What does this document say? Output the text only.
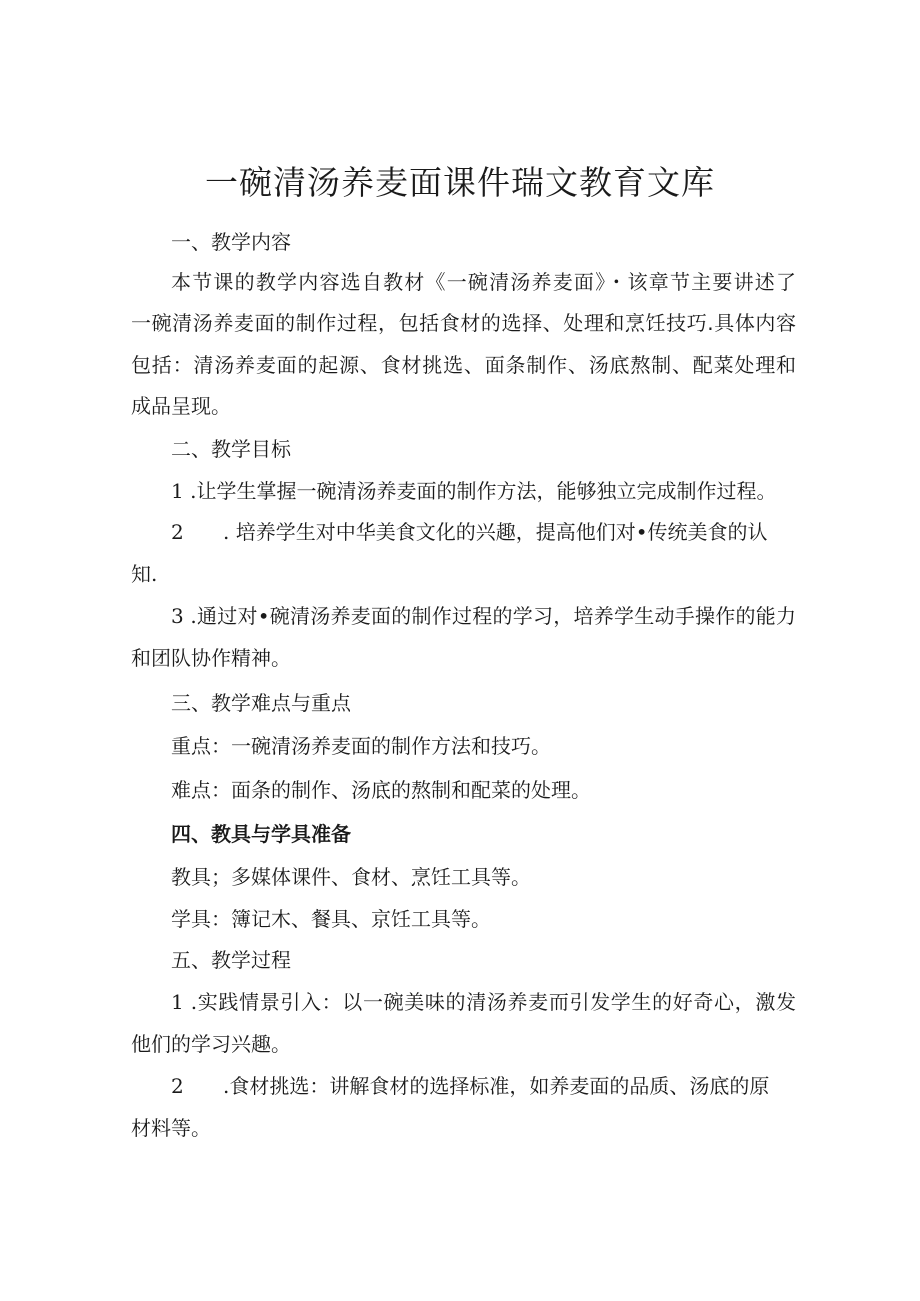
一碗清汤养麦面课件瑞文教育文库
一、教学内容
本节课的教学内容选自教材《一碗清汤养麦面》・该章节主要讲述了
一碗清汤养麦面的制作过程，包括食材的选择、处理和烹饪技巧.具体内容
包括：清汤养麦面的起源、食材挑选、面条制作、汤底熬制、配菜处理和
成品呈现。
二、教学目标
1 .让学生掌握一碗清汤养麦面的制作方法，能够独立完成制作过程。
2 . 培养学生对中华美食文化的兴趣，提高他们对•传统美食的认
知.
3 .通过对•碗清汤养麦面的制作过程的学习，培养学生动手操作的能力
和团队协作精神。
三、教学难点与重点
重点：一碗清汤养麦面的制作方法和技巧。
难点：面条的制作、汤底的熬制和配菜的处理。
四、教具与学具准备
教具；多媒体课件、食材、烹饪工具等。
学具：簿记木、餐具、京饪工具等。
五、教学过程
1 .实践情景引入：以一碗美味的清汤养麦而引发学生的好奇心，激发
他们的学习兴趣。
2 .食材挑选：讲解食材的选择标准，如养麦面的品质、汤底的原
材料等。
